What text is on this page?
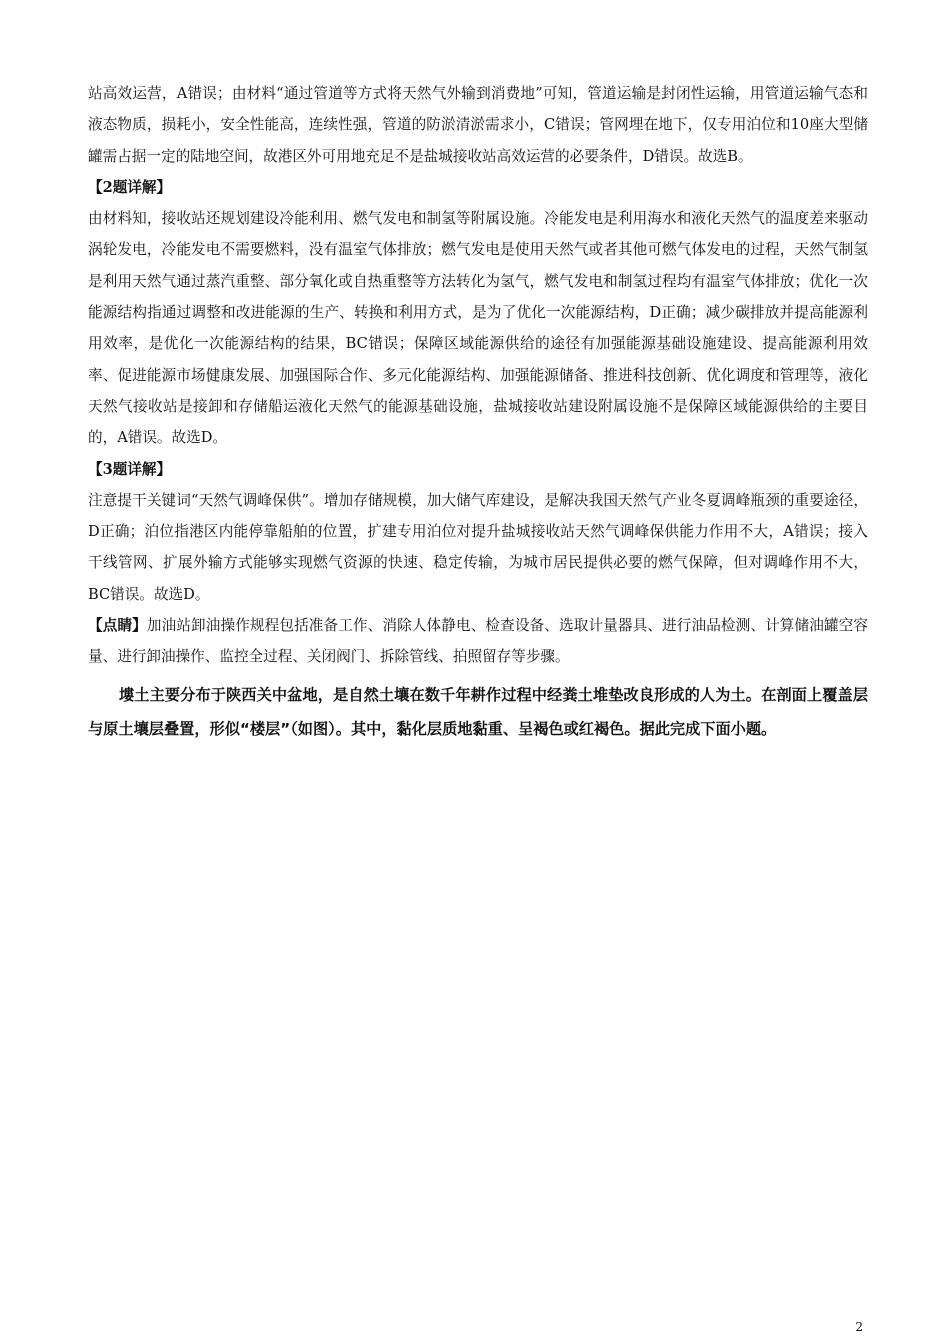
站高效运营，A错误；由材料“通过管道等方式将天然气外输到消费地”可知，管道运输是封闭性运输，用管道运输气态和液态物质，损耗小，安全性能高，连续性强，管道的防淤清淤需求小，C错误；管网埋在地下，仅专用泊位和10座大型储罐需占据一定的陆地空间，故港区外可用地充足不是盐城接收站高效运营的必要条件，D错误。故选B。

【2题详解】

由材料知，接收站还规划建设冷能利用、燃气发电和制氢等附属设施。冷能发电是利用海水和液化天然气的温度差来驱动涡轮发电，冷能发电不需要燃料，没有温室气体排放；燃气发电是使用天然气或者其他可燃气体发电的过程，天然气制氢是利用天然气通过蒸汽重整、部分氧化或自热重整等方法转化为氢气，燃气发电和制氢过程均有温室气体排放；优化一次能源结构指通过调整和改进能源的生产、转换和利用方式，是为了优化一次能源结构，D正确；减少碳排放并提高能源利用效率，是优化一次能源结构的结果，BC错误；保障区域能源供给的途径有加强能源基础设施建设、提高能源利用效率、促进能源市场健康发展、加强国际合作、多元化能源结构、加强能源储备、推进科技创新、优化调度和管理等，液化天然气接收站是接卸和存储船运液化天然气的能源基础设施，盐城接收站建设附属设施不是保障区域能源供给的主要目的，A错误。故选D。

【3题详解】

注意提干关键词“天然气调峰保供”。增加存储规模，加大储气库建设，是解决我国天然气产业冬夏调峰瓶颈的重要途径，D正确；泊位指港区内能停靠船舶的位置，扩建专用泊位对提升盐城接收站天然气调峰保供能力作用不大，A错误；接入干线管网、扩展外输方式能够实现燃气资源的快速、稳定传输，为城市居民提供必要的燃气保障，但对调峰作用不大，BC错误。故选D。

【点睛】加油站卸油操作规程包括准备工作、消除人体静电、检查设备、选取计量器具、进行油品检测、计算储油罐空容量、进行卸油操作、监控全过程、关闭阀门、拆除管线、拍照留存等步骤。

塿土主要分布于陕西关中盆地，是自然土壤在数千年耕作过程中经粪土堆垫改良形成的人为土。在剖面上覆盖层与原土壤层叠置，形似“楼层”（如图）。其中，黏化层质地黏重、呈褐色或红褐色。据此完成下面小题。

2
